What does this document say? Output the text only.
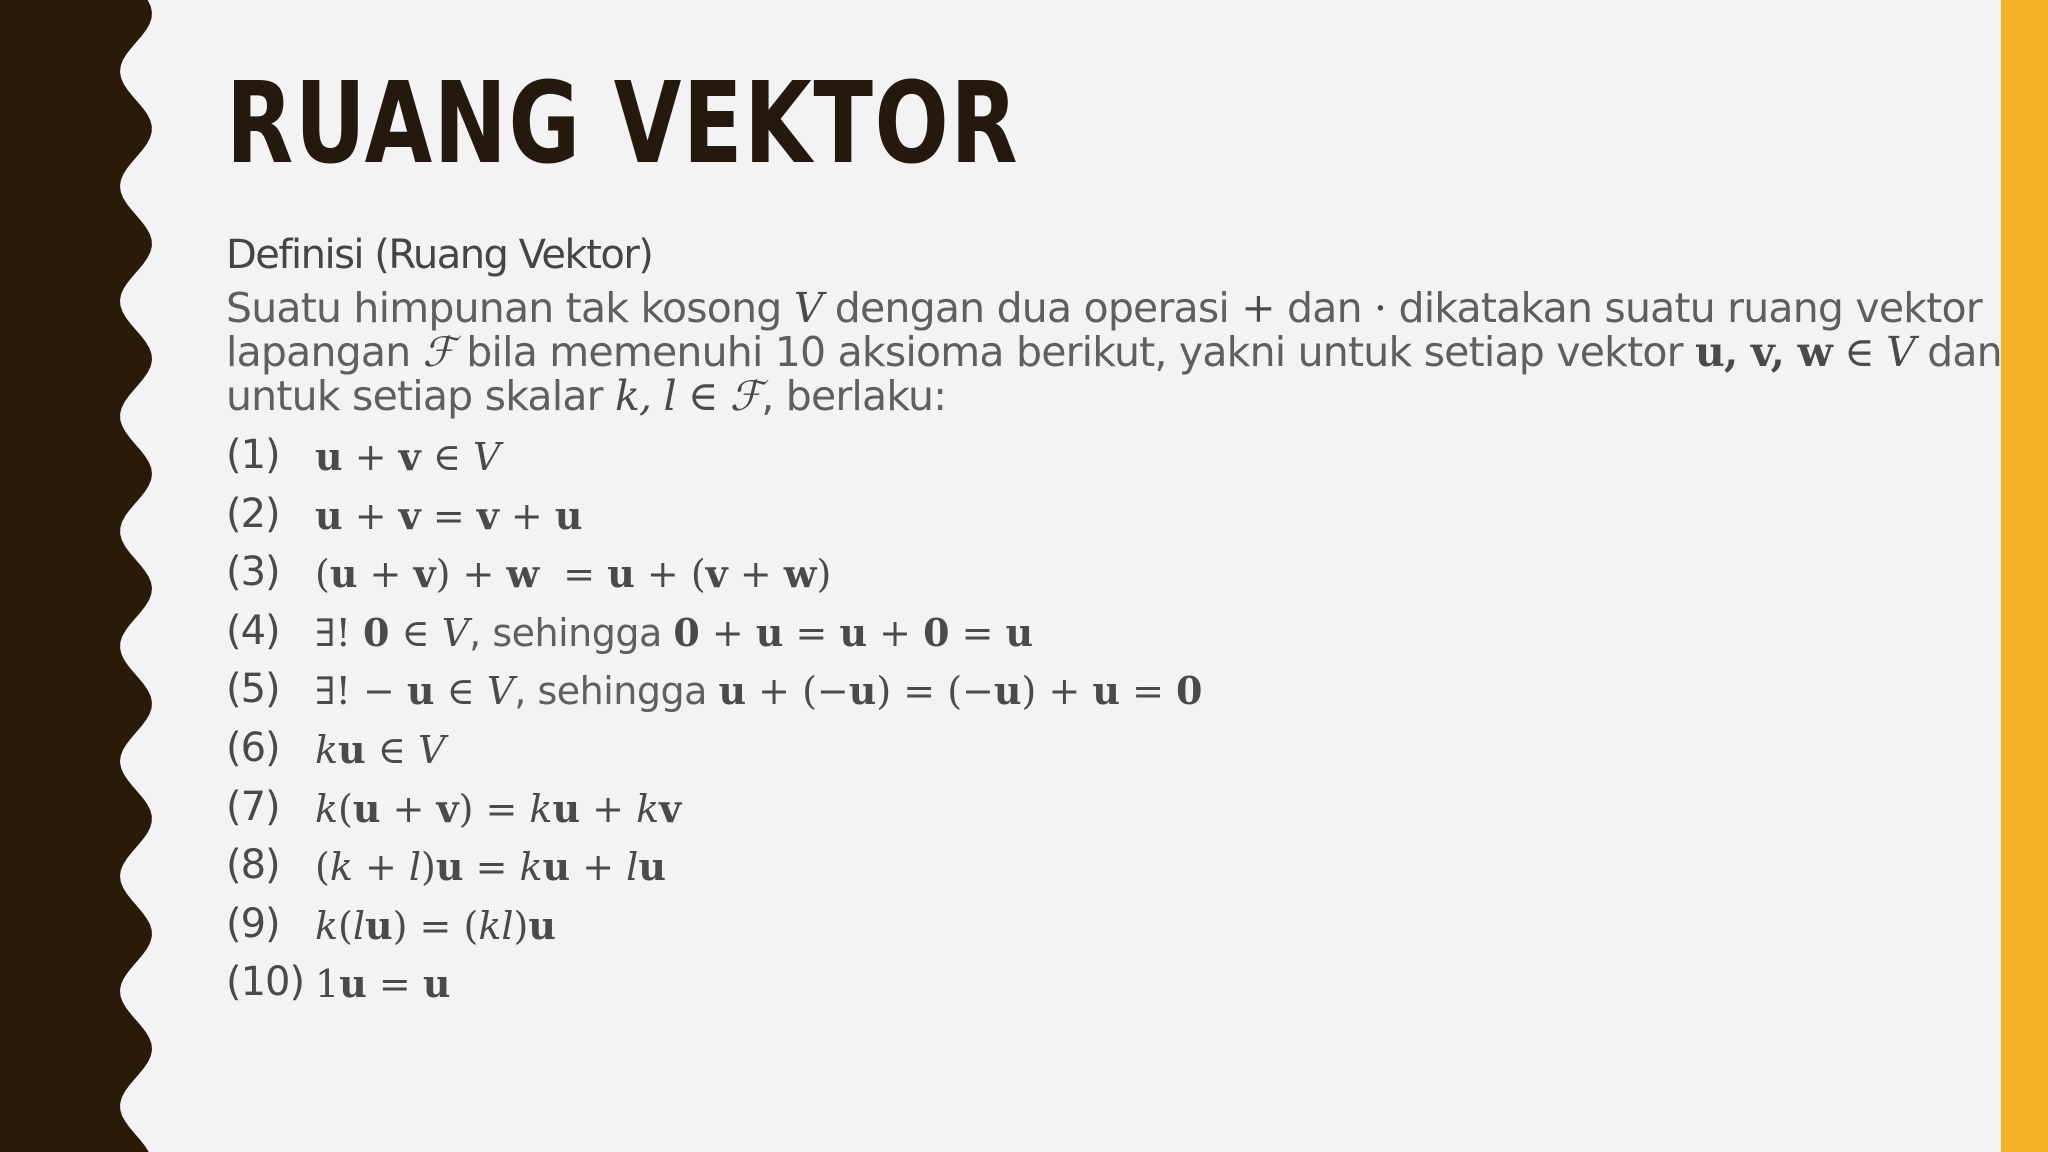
RUANG VEKTOR
Definisi (Ruang Vektor)
Suatu himpunan tak kosong V dengan dua operasi + dan · dikatakan suatu ruang vektor
lapangan ℱ bila memenuhi 10 aksioma berikut, yakni untuk setiap vektor u, v, w ∈ V dan
untuk setiap skalar k, l ∈ ℱ, berlaku:
(1) u + v ∈ V
(2) u + v = v + u
(3) (u + v) + w  = u + (v + w)
(4) ∃! 0 ∈ V, sehingga 0 + u = u + 0 = u
(5) ∃! − u ∈ V, sehingga u + (−u) = (−u) + u = 0
(6) ku ∈ V
(7) k(u + v) = ku + kv
(8) (k + l)u = ku + lu
(9) k(lu) = (kl)u
(10) 1u = u
